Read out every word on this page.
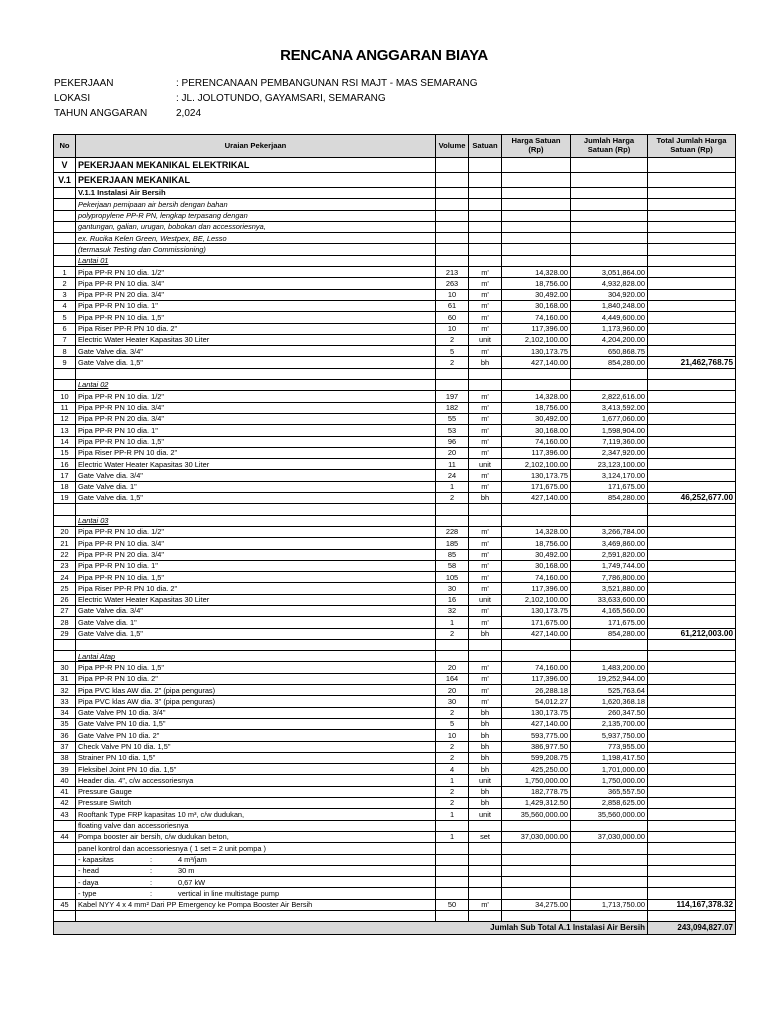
RENCANA ANGGARAN BIAYA
PEKERJAAN	: PERENCANAAN PEMBANGUNAN RSI MAJT - MAS SEMARANG
LOKASI	: JL. JOLOTUNDO, GAYAMSARI, SEMARANG
TAHUN ANGGARAN	2,024
No	Uraian Pekerjaan	Volume	Satuan	Harga Satuan (Rp)	Jumlah Harga Satuan (Rp)	Total Jumlah Harga Satuan (Rp)
V	PEKERJAAN MEKANIKAL ELEKTRIKAL					
V.1	PEKERJAAN MEKANIKAL					
	V.1.1 Instalasi Air Bersih					
	Pekerjaan pemipaan air bersih dengan bahan					
	polypropylene PP-R PN, lengkap terpasang dengan					
	gantungan, galian, urugan, bobokan dan accessoriesnya,					
	ex. Rucika Kelen Green, Westpex, BE, Lesso					
	(termasuk Testing dan Commissioning)					
	Lantai 01					
1	Pipa PP-R PN 10 dia. 1/2"	213	m'	14,328.00	3,051,864.00	
2	Pipa PP-R PN 10 dia. 3/4"	263	m'	18,756.00	4,932,828.00	
3	Pipa PP-R PN 20 dia. 3/4"	10	m'	30,492.00	304,920.00	
4	Pipa PP-R PN 10 dia. 1"	61	m'	30,168.00	1,840,248.00	
5	Pipa PP-R PN 10 dia. 1,5"	60	m'	74,160.00	4,449,600.00	
6	Pipa Riser PP-R PN 10 dia. 2"	10	m'	117,396.00	1,173,960.00	
7	Electric Water Heater Kapasitas 30 Liter	2	unit	2,102,100.00	4,204,200.00	
8	Gate Valve dia. 3/4"	5	m'	130,173.75	650,868.75	
9	Gate Valve dia. 1,5"	2	bh	427,140.00	854,280.00	21,462,768.75

	Lantai 02					
10	Pipa PP-R PN 10 dia. 1/2"	197	m'	14,328.00	2,822,616.00	
11	Pipa PP-R PN 10 dia. 3/4"	182	m'	18,756.00	3,413,592.00	
12	Pipa PP-R PN 20 dia. 3/4"	55	m'	30,492.00	1,677,060.00	
13	Pipa PP-R PN 10 dia. 1"	53	m'	30,168.00	1,598,904.00	
14	Pipa PP-R PN 10 dia. 1,5"	96	m'	74,160.00	7,119,360.00	
15	Pipa Riser PP-R PN 10 dia. 2"	20	m'	117,396.00	2,347,920.00	
16	Electric Water Heater Kapasitas 30 Liter	11	unit	2,102,100.00	23,123,100.00	
17	Gate Valve dia. 3/4"	24	m'	130,173.75	3,124,170.00	
18	Gate Valve dia. 1"	1	m'	171,675.00	171,675.00	
19	Gate Valve dia. 1,5"	2	bh	427,140.00	854,280.00	46,252,677.00

	Lantai 03					
20	Pipa PP-R PN 10 dia. 1/2"	228	m'	14,328.00	3,266,784.00	
21	Pipa PP-R PN 10 dia. 3/4"	185	m'	18,756.00	3,469,860.00	
22	Pipa PP-R PN 20 dia. 3/4"	85	m'	30,492.00	2,591,820.00	
23	Pipa PP-R PN 10 dia. 1"	58	m'	30,168.00	1,749,744.00	
24	Pipa PP-R PN 10 dia. 1,5"	105	m'	74,160.00	7,786,800.00	
25	Pipa Riser PP-R PN 10 dia. 2"	30	m'	117,396.00	3,521,880.00	
26	Electric Water Heater Kapasitas 30 Liter	16	unit	2,102,100.00	33,633,600.00	
27	Gate Valve dia. 3/4"	32	m'	130,173.75	4,165,560.00	
28	Gate Valve dia. 1"	1	m'	171,675.00	171,675.00	
29	Gate Valve dia. 1,5"	2	bh	427,140.00	854,280.00	61,212,003.00

	Lantai Atap					
30	Pipa PP-R PN 10 dia. 1,5"	20	m'	74,160.00	1,483,200.00	
31	Pipa PP-R PN 10 dia. 2"	164	m'	117,396.00	19,252,944.00	
32	Pipa PVC klas AW dia. 2" (pipa penguras)	20	m'	26,288.18	525,763.64	
33	Pipa PVC klas AW dia. 3" (pipa penguras)	30	m'	54,012.27	1,620,368.18	
34	Gate Valve PN 10 dia. 3/4"	2	bh	130,173.75	260,347.50	
35	Gate Valve PN 10 dia. 1,5"	5	bh	427,140.00	2,135,700.00	
36	Gate Valve PN 10 dia. 2"	10	bh	593,775.00	5,937,750.00	
37	Check Valve PN 10 dia. 1,5"	2	bh	386,977.50	773,955.00	
38	Strainer PN 10 dia. 1,5"	2	bh	599,208.75	1,198,417.50	
39	Fleksibel Joint PN 10 dia. 1,5"	4	bh	425,250.00	1,701,000.00	
40	Header dia. 4", c/w accessoriesnya	1	unit	1,750,000.00	1,750,000.00	
41	Pressure Gauge	2	bh	182,778.75	365,557.50	
42	Pressure Switch	2	bh	1,429,312.50	2,858,625.00	
43	Rooftank Type FRP kapasitas 10 m³, c/w dudukan,	1	unit	35,560,000.00	35,560,000.00	
	floating valve dan accessoriesnya					
44	Pompa booster air bersih, c/w dudukan beton,	1	set	37,030,000.00	37,030,000.00	
	panel kontrol dan accessoriesnya ( 1 set = 2 unit pompa )					
	- kapasitas : 4 m³/jam					
	- head : 30 m					
	- daya : 0,67 kW					
	- type : vertical in line multistage pump					
45	Kabel NYY 4 x 4 mm² Dari PP Emergency ke Pompa Booster Air Bersih	50	m'	34,275.00	1,713,750.00	114,167,378.32

Jumlah Sub Total A.1 Instalasi Air Bersih						243,094,827.07
